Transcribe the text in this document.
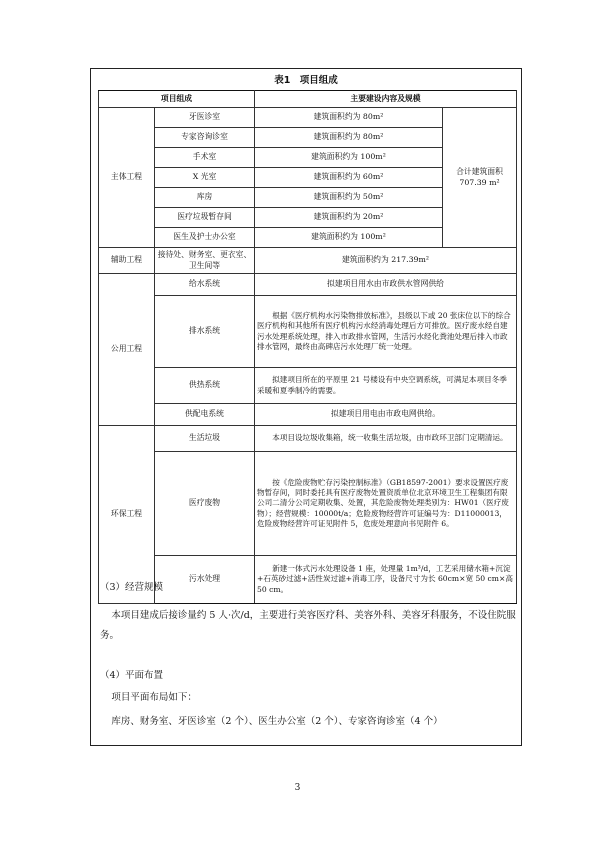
表1　项目组成
项目组成		主要建设内容及规模	
主体工程	牙医诊室	建筑面积约为 80m²	合计建筑面积 707.39 m²
	专家咨询诊室	建筑面积约为 80m²	
	手术室	建筑面积约为 100m²	
	X 光室	建筑面积约为 60m²	
	库房	建筑面积约为 50m²	
	医疗垃圾暂存间	建筑面积约为 20m²	
	医生及护士办公室	建筑面积约为 100m²	
辅助工程	接待处、财务室、更衣室、卫生间等	建筑面积约为 217.39m²	
公用工程	给水系统	拟建项目用水由市政供水管网供给	
	排水系统	根据《医疗机构水污染物排放标准》，县级以下或 20 张床位以下的综合医疗机构和其他所有医疗机构污水经消毒处理后方可排放。医疗废水经自建污水处理系统处理，排入市政排水管网，生活污水经化粪池处理后排入市政排水管网，最终由高碑店污水处理厂统一处理。	
	供热系统	拟建项目所在的平原里 21 号楼设有中央空调系统，可满足本项目冬季采暖和夏季制冷的需要。	
	供配电系统	拟建项目用电由市政电网供给。	
环保工程	生活垃圾	本项目设垃圾收集箱，统一收集生活垃圾，由市政环卫部门定期清运。	
	医疗废物	按《危险废物贮存污染控制标准》（GB18597-2001）要求设置医疗废物暂存间，同时委托具有医疗废物处置资质单位北京环境卫生工程集团有限公司二清分公司定期收集、处置，其危险废物处理类别为：HW01（医疗废物）；经营规模：10000t/a；危险废物经营许可证编号为：D11000013，危险废物经营许可证见附件 5，危废处理意向书见附件 6。	
	污水处理	新建一体式污水处理设备 1 座，处理量 1m³/d，工艺采用储水箱+沉淀+石英砂过滤+活性炭过滤+消毒工序，设备尺寸为长 60cm×宽 50 cm×高 50 cm。	
（3）经营规模
本项目建成后接诊量约 5 人·次/d，主要进行美容医疗科、美容外科、美容牙科服务，不设住院服务。
（4）平面布置
项目平面布局如下：
库房、财务室、牙医诊室（2 个）、医生办公室（2 个）、专家咨询诊室（4 个）
3
